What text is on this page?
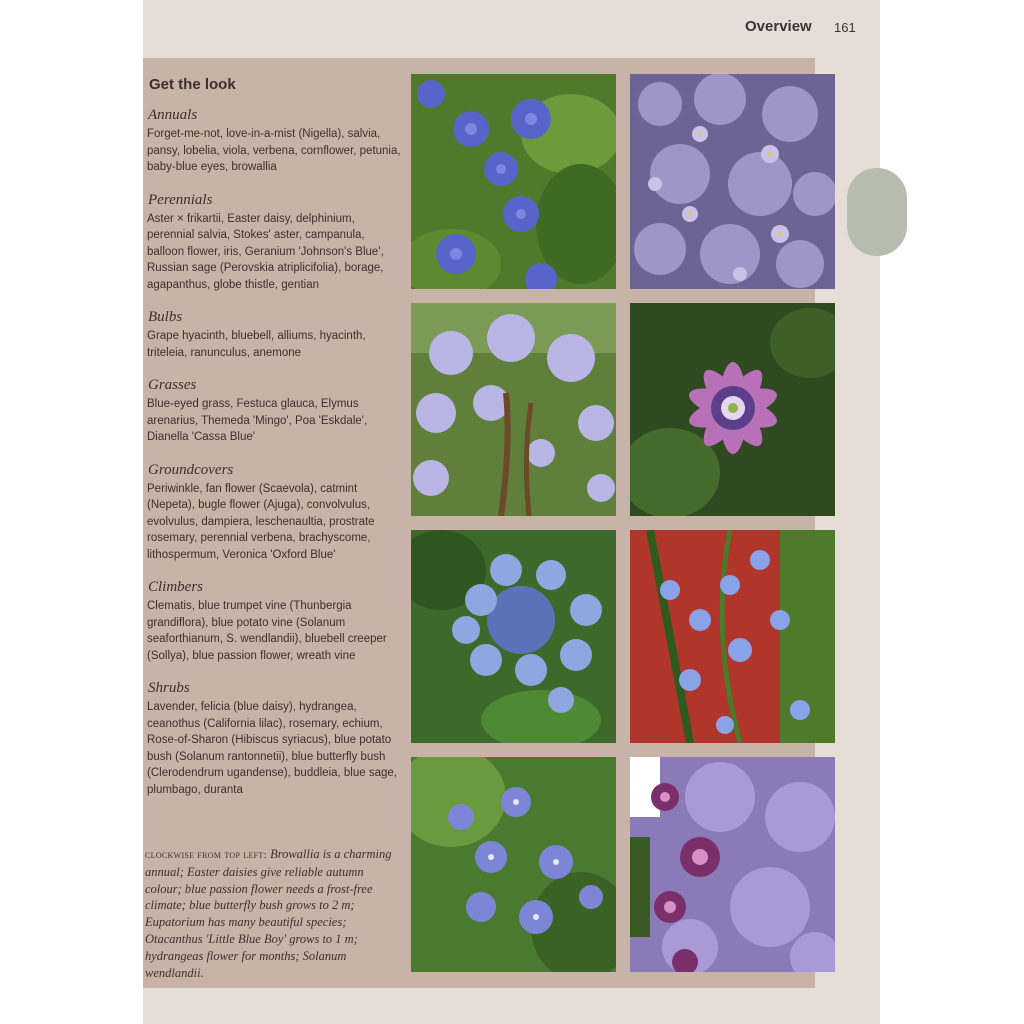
Overview 161
Get the look
Annuals
Forget-me-not, love-in-a-mist (Nigella), salvia, pansy, lobelia, viola, verbena, cornflower, petunia, baby-blue eyes, browallia
Perennials
Aster × frikartii, Easter daisy, delphinium, perennial salvia, Stokes' aster, campanula, balloon flower, iris, Geranium 'Johnson's Blue', Russian sage (Perovskia atriplicifolia), borage, agapanthus, globe thistle, gentian
Bulbs
Grape hyacinth, bluebell, alliums, hyacinth, triteleia, ranunculus, anemone
Grasses
Blue-eyed grass, Festuca glauca, Elymus arenarius, Themeda 'Mingo', Poa 'Eskdale', Dianella 'Cassa Blue'
Groundcovers
Periwinkle, fan flower (Scaevola), catmint (Nepeta), bugle flower (Ajuga), convolvulus, evolvulus, dampiera, leschenaultia, prostrate rosemary, perennial verbena, brachyscome, lithospermum, Veronica 'Oxford Blue'
Climbers
Clematis, blue trumpet vine (Thunbergia grandiflora), blue potato vine (Solanum seaforthianum, S. wendlandii), bluebell creeper (Sollya), blue passion flower, wreath vine
Shrubs
Lavender, felicia (blue daisy), hydrangea, ceanothus (California lilac), rosemary, echium, Rose-of-Sharon (Hibiscus syriacus), blue potato bush (Solanum rantonnetii), blue butterfly bush (Clerodendrum ugandense), buddleia, blue sage, plumbago, duranta
clockwise from top left: Browallia is a charming annual; Easter daisies give reliable autumn colour; blue passion flower needs a frost-free climate; blue butterfly bush grows to 2 m; Eupatorium has many beautiful species; Otacanthus 'Little Blue Boy' grows to 1 m; hydrangeas flower for months; Solanum wendlandii.
